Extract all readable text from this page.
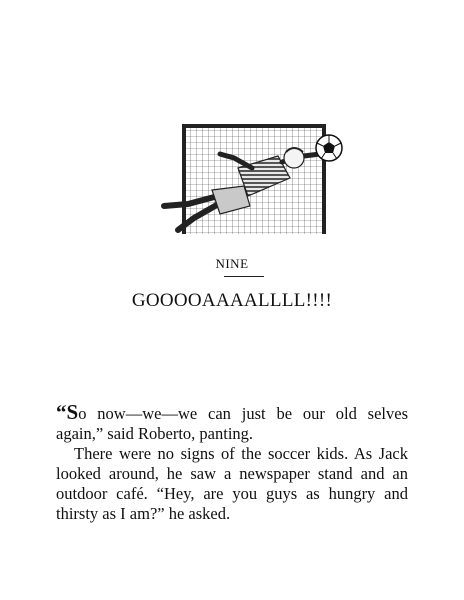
NINE
GOOOOAAAALLLL!!!!

“So now—we—we can just be our old selves again,” said Roberto, panting.

There were no signs of the soccer kids. As Jack looked around, he saw a newspaper stand and an outdoor café. “Hey, are you guys as hungry and thirsty as I am?” he asked.
